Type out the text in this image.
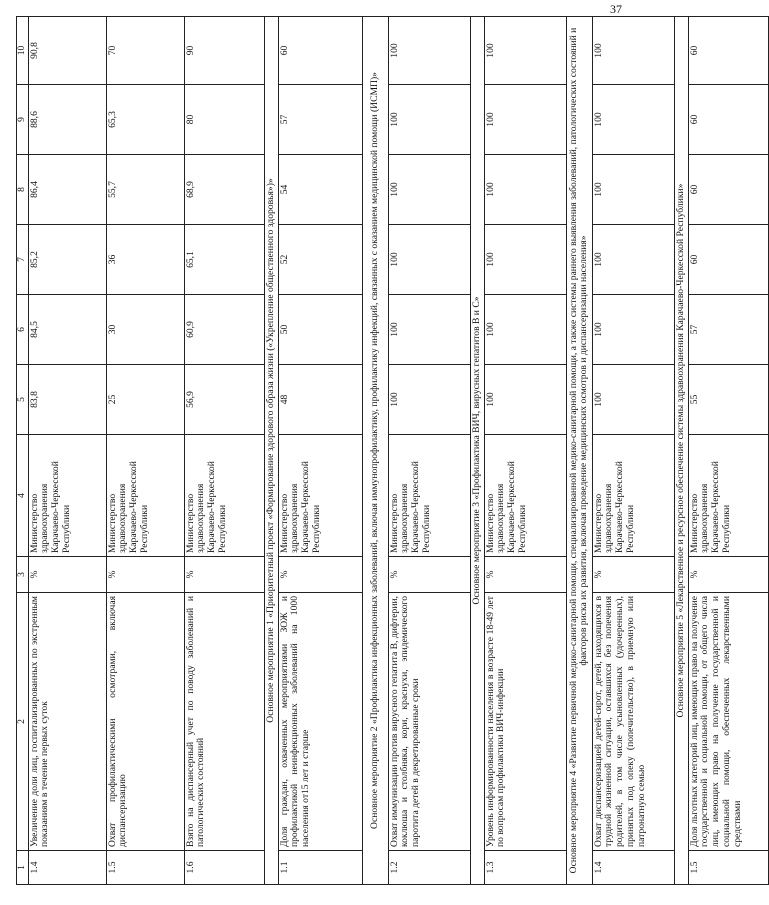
37
1	2	3	4	5	6	7	8	9	10
1.4	Увеличение доли лиц, госпитализированных по экстренным показаниям в течение первых суток	%	Министерство здравоохранения Карачаево-Черкесской Республики	83,8	84,5	85,2	86,4	88,6	90,8
1.5	Охват профилактическими осмотрами, включая диспансеризацию	%	Министерство здравоохранения Карачаево-Черкесской Республики	25	30	36	55,7	65,3	70
1.6	Взято на диспансерный учет по поводу заболеваний и патологических состояний	%	Министерство здравоохранения Карачаево-Черкесской Республики	56,9	60,9	65,1	68,9	80	90
Основное мероприятие 1 «Приоритетный проект «Формирование здорового образа жизни («Укрепление общественного здоровья»)»									
1.1	Доля граждан, охваченных мероприятиями ЗОЖ и профилактикой неинфекционных заболеваний на 1000 населения от15 лет и старше	%	Министерство здравоохранения Карачаево-Черкесской Республики	48	50	52	54	57	60
Основное мероприятие 2 «Профилактика инфекционных заболеваний, включая иммунопрофилактику, профилактику инфекций, связанных с оказанием медицинской помощи (ИСМП)»									
1.2	Охват иммунизации против вирусного гепатита В, дифтерии, коклюша и столбняка, кори, краснухи, эпидемического паротита детей в декретированные сроки	%	Министерство здравоохранения Карачаево-Черкесской Республики	100	100	100	100	100	100
Основное мероприятие 3 «Профилактика ВИЧ, вирусных гепатитов В и С»									
1.3	Уровень информированности населения в возрасте 18-49 лет по вопросам профилактики ВИЧ-инфекции	%	Министерство здравоохранения Карачаево-Черкесской Республики	100	100	100	100	100	100
Основное мероприятие 4 «Развитие первичной медико-санитарной помощи, специализированной медико-санитарной помощи, а также системы раннего выявления заболеваний, патологических состояний и факторов риска их развития, включая проведение медицинских осмотров и диспансеризации населения»									
1.4	Охват диспансеризацией детей-сирот, детей, находящихся в трудной жизненной ситуации, оставшихся без попечения родителей, в том числе усыновленных (удочеренных), принятых под опеку (попечительство), в приемную или патронатную семью	%	Министерство здравоохранения Карачаево-Черкесской Республики	100	100	100	100	100	100
Основное мероприятие 5 «Лекарственное и ресурсное обеспечение системы здравоохранения Карачаево-Черкесской Республики»									
1.5	Доля льготных категорий лиц, имеющих право на получение государственной и социальной помощи, от общего числа лиц, имеющих право на получение государственной и социальной помощи, обеспеченных лекарственными средствами	%	Министерство здравоохранения Карачаево-Черкесской Республики	55	57	60	60	60	60
